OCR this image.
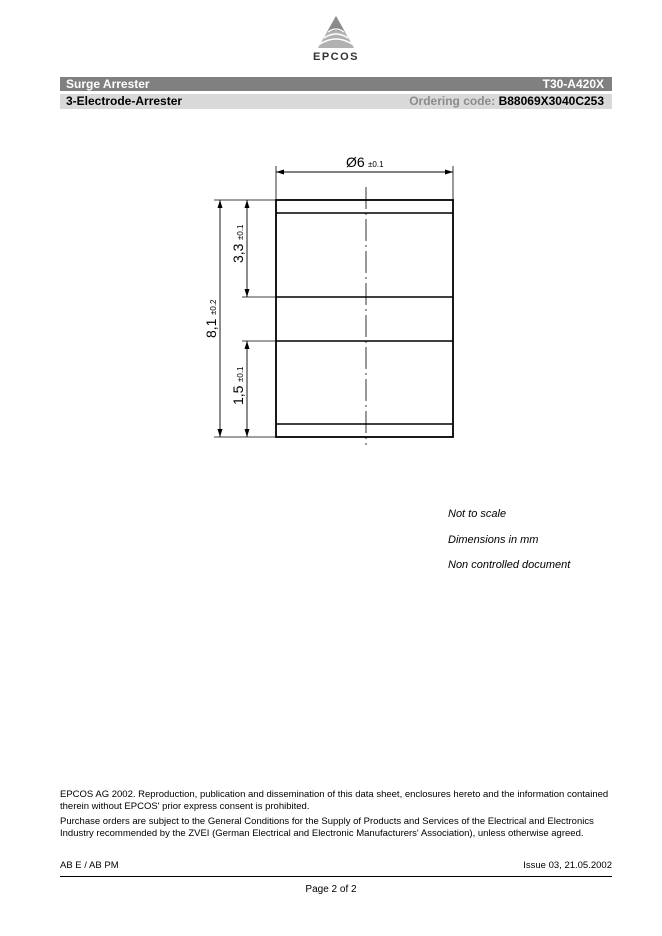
EPCOS
Surge Arrester	T30-A420X
3-Electrode-Arrester	Ordering code: B88069X3040C253
Ø6 ±0.1
8,1
±0.2
3,3
±0.1
1,5
±0.1
Not to scale
Dimensions in mm
Non controlled document

EPCOS AG 2002. Reproduction, publication and dissemination of this data sheet, enclosures hereto and the information contained therein without EPCOS' prior express consent is prohibited.

Purchase orders are subject to the General Conditions for the Supply of Products and Services of the Electrical and Electronics Industry recommended by the ZVEI (German Electrical and Electronic Manufacturers' Association), unless otherwise agreed.

AB E / AB PM	Issue 03, 21.05.2002
Page 2 of 2
